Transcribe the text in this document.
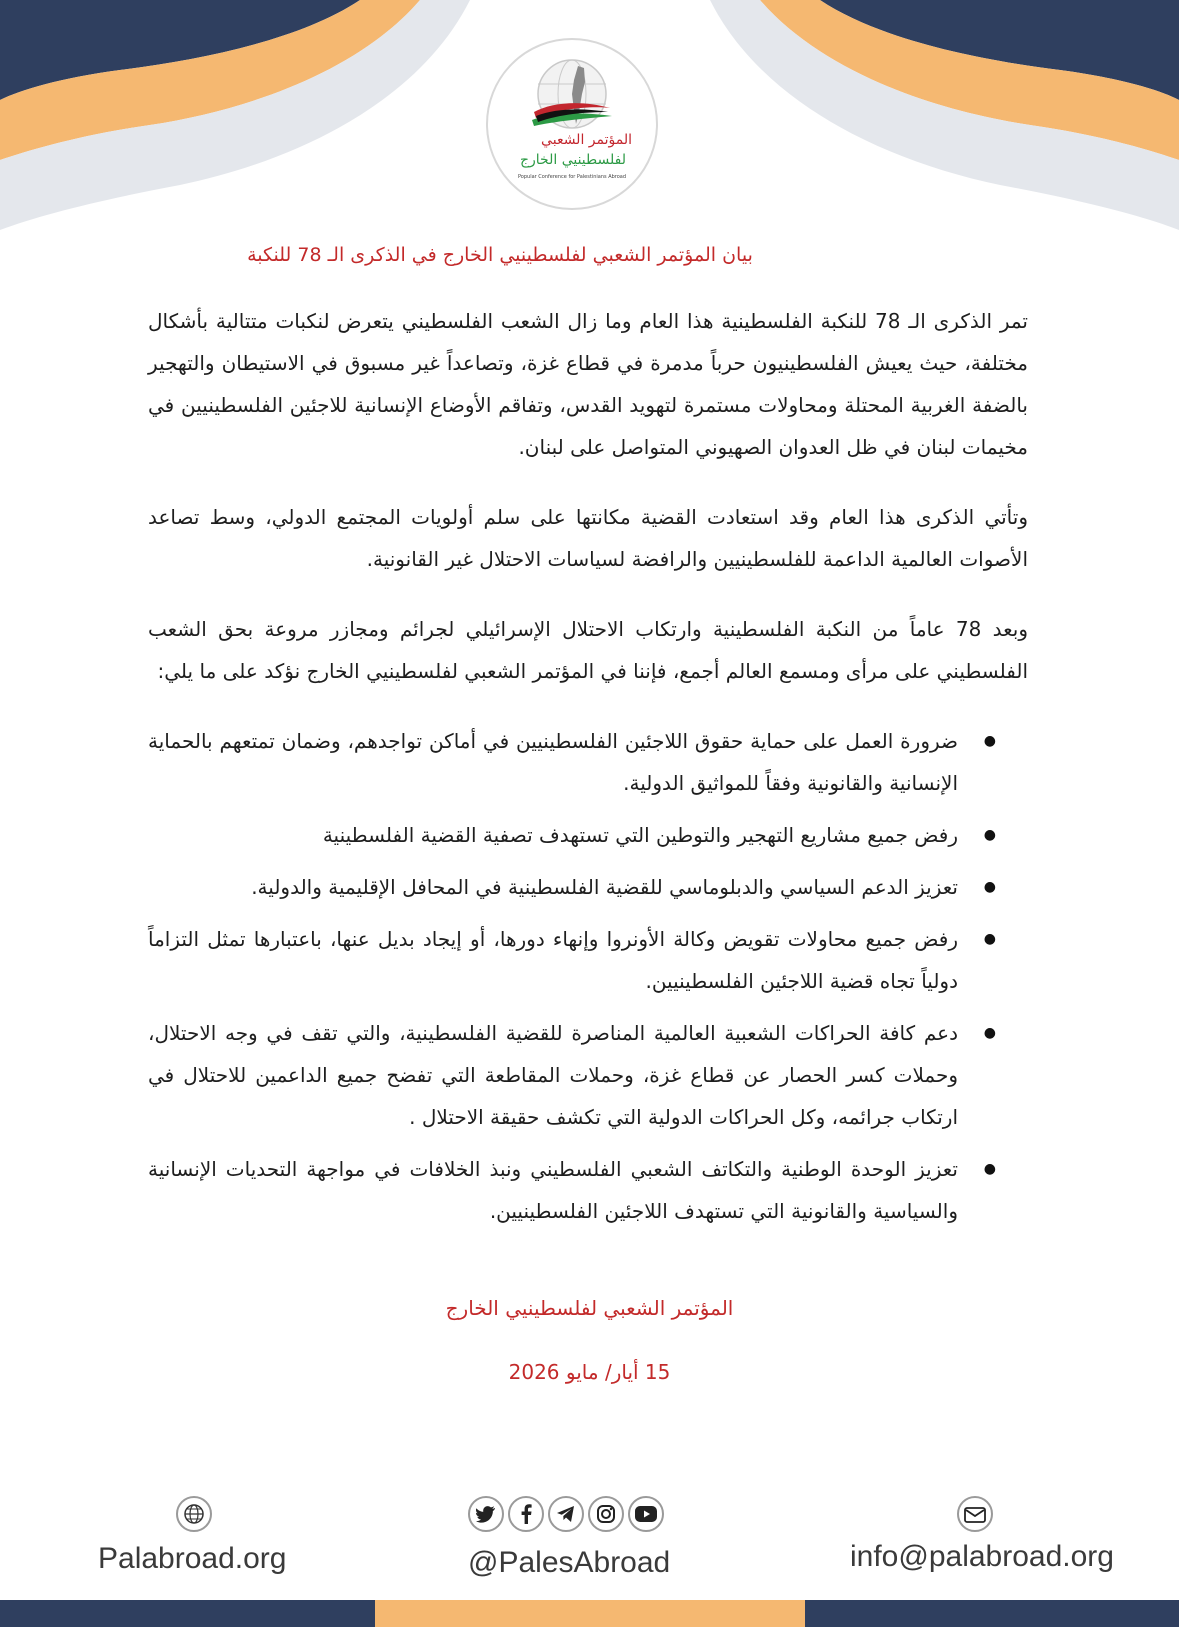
المؤتمر الشعبي
لفلسطينيي الخارج
Popular Conference for Palestinians Abroad
بيان المؤتمر الشعبي لفلسطينيي الخارج في الذكرى الـ 78 للنكبة

تمر الذكرى الـ 78 للنكبة الفلسطينية هذا العام وما زال الشعب الفلسطيني يتعرض لنكبات متتالية بأشكال مختلفة، حيث يعيش الفلسطينيون حرباً مدمرة في قطاع غزة، وتصاعداً غير مسبوق في الاستيطان والتهجير بالضفة الغربية المحتلة ومحاولات مستمرة لتهويد القدس، وتفاقم الأوضاع الإنسانية للاجئين الفلسطينيين في مخيمات لبنان في ظل العدوان الصهيوني المتواصل على لبنان.

وتأتي الذكرى هذا العام وقد استعادت القضية مكانتها على سلم أولويات المجتمع الدولي، وسط تصاعد الأصوات العالمية الداعمة للفلسطينيين والرافضة لسياسات الاحتلال غير القانونية.

وبعد 78 عاماً من النكبة الفلسطينية وارتكاب الاحتلال الإسرائيلي لجرائم ومجازر مروعة بحق الشعب الفلسطيني على مرأى ومسمع العالم أجمع، فإننا في المؤتمر الشعبي لفلسطينيي الخارج نؤكد على ما يلي:

● ضرورة العمل على حماية حقوق اللاجئين الفلسطينيين في أماكن تواجدهم، وضمان تمتعهم بالحماية الإنسانية والقانونية وفقاً للمواثيق الدولية.
● رفض جميع مشاريع التهجير والتوطين التي تستهدف تصفية القضية الفلسطينية
● تعزيز الدعم السياسي والدبلوماسي للقضية الفلسطينية في المحافل الإقليمية والدولية.
● رفض جميع محاولات تقويض وكالة الأونروا وإنهاء دورها، أو إيجاد بديل عنها، باعتبارها تمثل التزاماً دولياً تجاه قضية اللاجئين الفلسطينيين.
● دعم كافة الحراكات الشعبية العالمية المناصرة للقضية الفلسطينية، والتي تقف في وجه الاحتلال، وحملات كسر الحصار عن قطاع غزة، وحملات المقاطعة التي تفضح جميع الداعمين للاحتلال في ارتكاب جرائمه، وكل الحراكات الدولية التي تكشف حقيقة الاحتلال .
● تعزيز الوحدة الوطنية والتكاتف الشعبي الفلسطيني ونبذ الخلافات في مواجهة التحديات الإنسانية والسياسية والقانونية التي تستهدف اللاجئين الفلسطينيين.
المؤتمر الشعبي لفلسطينيي الخارج
15 أيار/ مايو 2026
Palabroad.org	@PalesAbroad	info@palabroad.org
